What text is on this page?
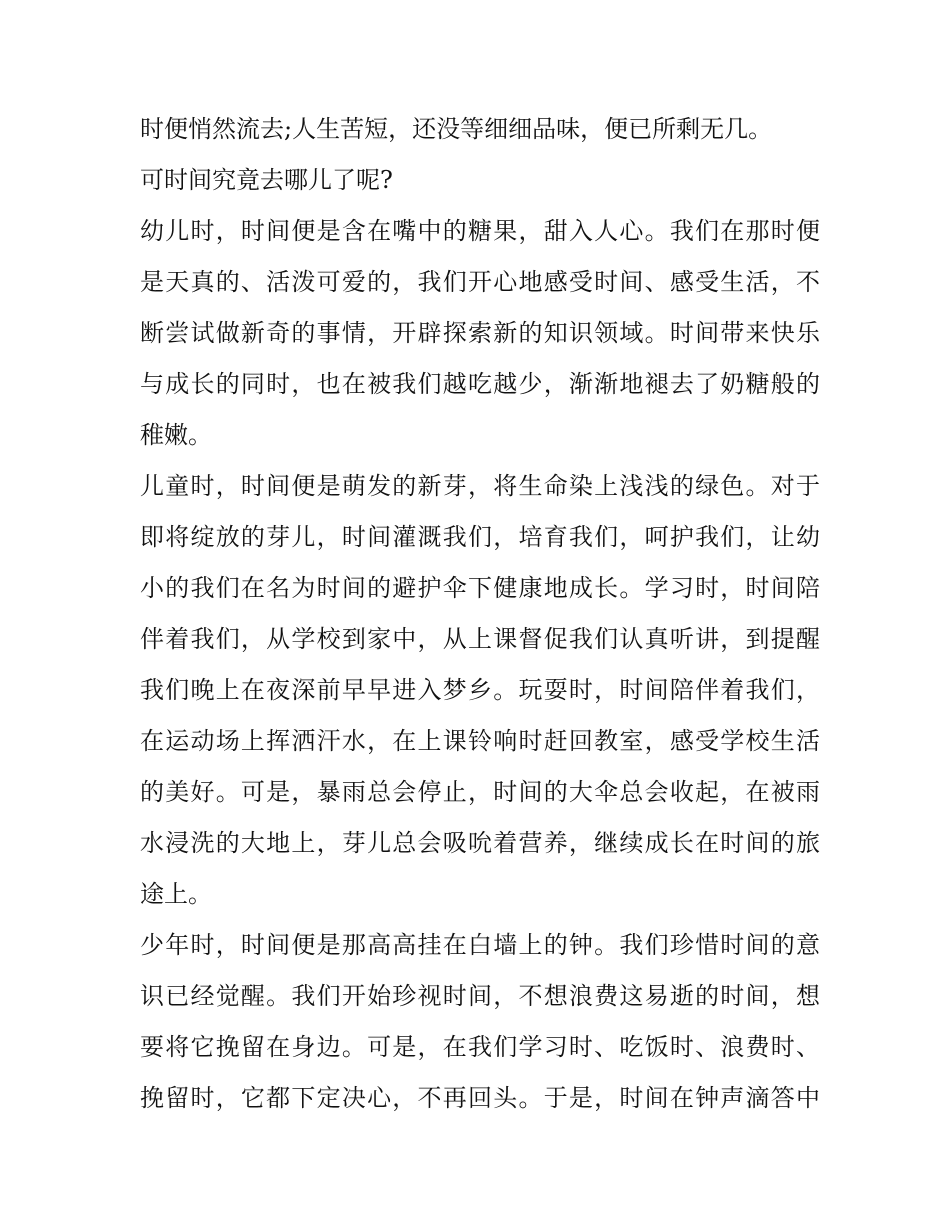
时便悄然流去;人生苦短，还没等细细品味，便已所剩无几。
可时间究竟去哪儿了呢?
幼儿时，时间便是含在嘴中的糖果，甜入人心。我们在那时便
是天真的、活泼可爱的，我们开心地感受时间、感受生活，不
断尝试做新奇的事情，开辟探索新的知识领域。时间带来快乐
与成长的同时，也在被我们越吃越少，渐渐地褪去了奶糖般的
稚嫩。
儿童时，时间便是萌发的新芽，将生命染上浅浅的绿色。对于
即将绽放的芽儿，时间灌溉我们，培育我们，呵护我们，让幼
小的我们在名为时间的避护伞下健康地成长。学习时，时间陪
伴着我们，从学校到家中，从上课督促我们认真听讲，到提醒
我们晚上在夜深前早早进入梦乡。玩耍时，时间陪伴着我们，
在运动场上挥洒汗水，在上课铃响时赶回教室，感受学校生活
的美好。可是，暴雨总会停止，时间的大伞总会收起，在被雨
水浸洗的大地上，芽儿总会吸吮着营养，继续成长在时间的旅
途上。
少年时，时间便是那高高挂在白墙上的钟。我们珍惜时间的意
识已经觉醒。我们开始珍视时间，不想浪费这易逝的时间，想
要将它挽留在身边。可是，在我们学习时、吃饭时、浪费时、
挽留时，它都下定决心，不再回头。于是，时间在钟声滴答中
